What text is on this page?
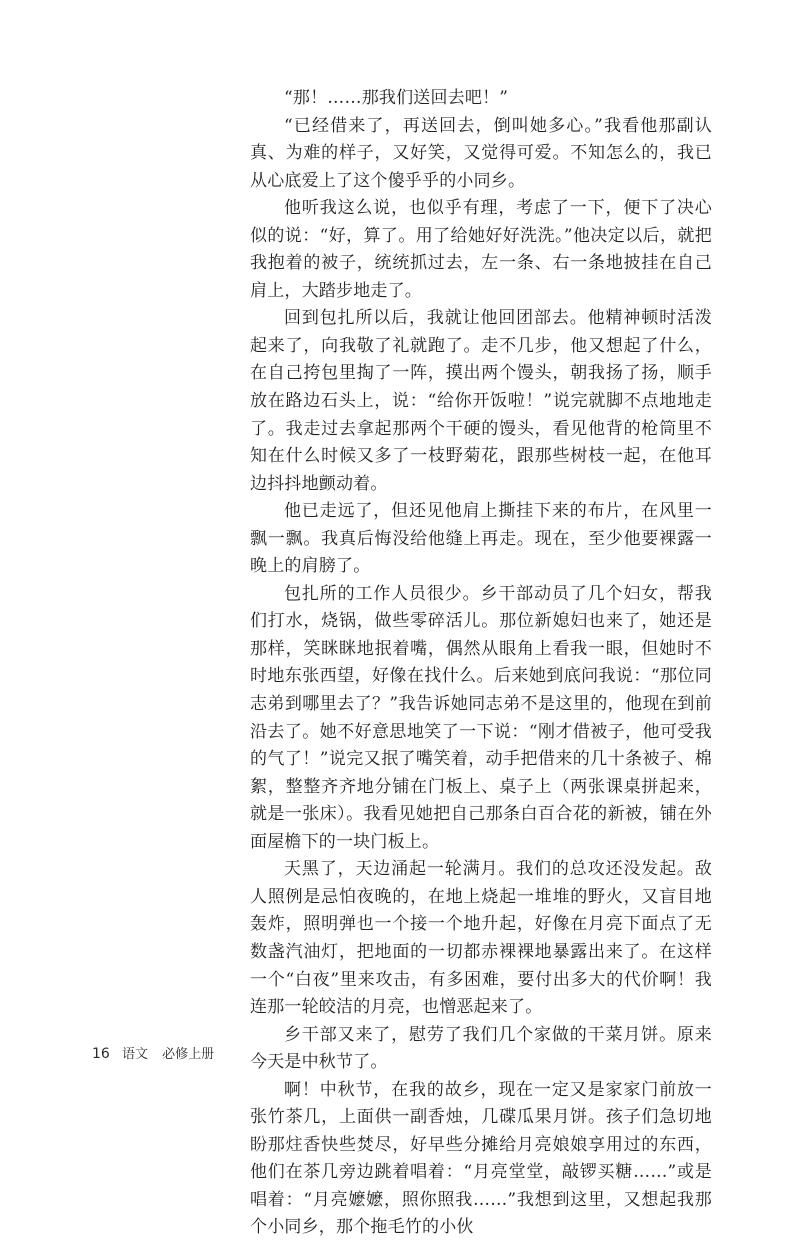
“那！……那我们送回去吧！”

“已经借来了，再送回去，倒叫她多心。”我看他那副认真、为难的样子，又好笑，又觉得可爱。不知怎么的，我已从心底爱上了这个傻乎乎的小同乡。

他听我这么说，也似乎有理，考虑了一下，便下了决心似的说：“好，算了。用了给她好好洗洗。”他决定以后，就把我抱着的被子，统统抓过去，左一条、右一条地披挂在自己肩上，大踏步地走了。

回到包扎所以后，我就让他回团部去。他精神顿时活泼起来了，向我敬了礼就跑了。走不几步，他又想起了什么，在自己挎包里掏了一阵，摸出两个馒头，朝我扬了扬，顺手放在路边石头上，说：“给你开饭啦！”说完就脚不点地地走了。我走过去拿起那两个干硬的馒头，看见他背的枪筒里不知在什么时候又多了一枝野菊花，跟那些树枝一起，在他耳边抖抖地颤动着。

他已走远了，但还见他肩上撕挂下来的布片，在风里一飘一飘。我真后悔没给他缝上再走。现在，至少他要裸露一晚上的肩膀了。

包扎所的工作人员很少。乡干部动员了几个妇女，帮我们打水，烧锅，做些零碎活儿。那位新媳妇也来了，她还是那样，笑眯眯地抿着嘴，偶然从眼角上看我一眼，但她时不时地东张西望，好像在找什么。后来她到底问我说：“那位同志弟到哪里去了？”我告诉她同志弟不是这里的，他现在到前沿去了。她不好意思地笑了一下说：“刚才借被子，他可受我的气了！”说完又抿了嘴笑着，动手把借来的几十条被子、棉絮，整整齐齐地分铺在门板上、桌子上（两张课桌拼起来，就是一张床）。我看见她把自己那条白百合花的新被，铺在外面屋檐下的一块门板上。

天黑了，天边涌起一轮满月。我们的总攻还没发起。敌人照例是忌怕夜晚的，在地上烧起一堆堆的野火，又盲目地轰炸，照明弹也一个接一个地升起，好像在月亮下面点了无数盏汽油灯，把地面的一切都赤裸裸地暴露出来了。在这样一个“白夜”里来攻击，有多困难，要付出多大的代价啊！我连那一轮皎洁的月亮，也憎恶起来了。

乡干部又来了，慰劳了我们几个家做的干菜月饼。原来今天是中秋节了。

啊！中秋节，在我的故乡，现在一定又是家家门前放一张竹茶几，上面供一副香烛，几碟瓜果月饼。孩子们急切地盼那炷香快些焚尽，好早些分摊给月亮娘娘享用过的东西，他们在茶几旁边跳着唱着：“月亮堂堂，敲锣买糖……”或是唱着：“月亮嬷嬷，照你照我……”我想到这里，又想起我那个小同乡，那个拖毛竹的小伙

16 语文 必修上册
